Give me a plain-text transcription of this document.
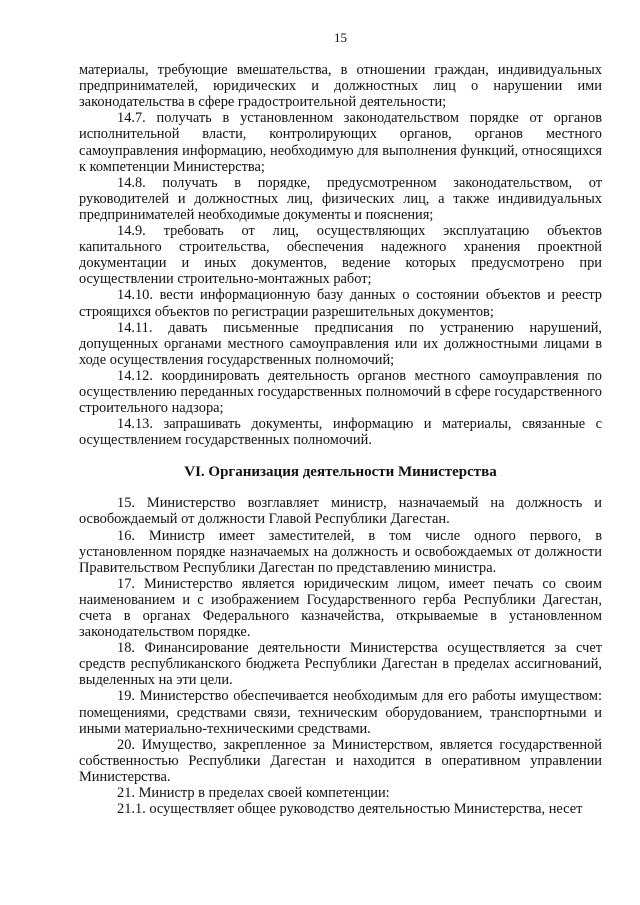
15

материалы, требующие вмешательства, в отношении граждан, индивидуальных предпринимателей, юридических и должностных лиц о нарушении ими законодательства в сфере градостроительной деятельности;

14.7. получать в установленном законодательством порядке от органов исполнительной власти, контролирующих органов, органов местного самоуправления информацию, необходимую для выполнения функций, относящихся к компетенции Министерства;

14.8. получать в порядке, предусмотренном законодательством, от руководителей и должностных лиц, физических лиц, а также индивидуальных предпринимателей необходимые документы и пояснения;

14.9. требовать от лиц, осуществляющих эксплуатацию объектов капитального строительства, обеспечения надежного хранения проектной документации и иных документов, ведение которых предусмотрено при осуществлении строительно-монтажных работ;

14.10. вести информационную базу данных о состоянии объектов и реестр строящихся объектов по регистрации разрешительных документов;

14.11. давать письменные предписания по устранению нарушений, допущенных органами местного самоуправления или их должностными лицами в ходе осуществления государственных полномочий;

14.12. координировать деятельность органов местного самоуправления по осуществлению переданных государственных полномочий в сфере государственного строительного надзора;

14.13. запрашивать документы, информацию и материалы, связанные с осуществлением государственных полномочий.

VI. Организация деятельности Министерства

15. Министерство возглавляет министр, назначаемый на должность и освобождаемый от должности Главой Республики Дагестан.

16. Министр имеет заместителей, в том числе одного первого, в установленном порядке назначаемых на должность и освобождаемых от должности Правительством Республики Дагестан по представлению министра.

17. Министерство является юридическим лицом, имеет печать со своим наименованием и с изображением Государственного герба Республики Дагестан, счета в органах Федерального казначейства, открываемые в установленном законодательством порядке.

18. Финансирование деятельности Министерства осуществляется за счет средств республиканского бюджета Республики Дагестан в пределах ассигнований, выделенных на эти цели.

19. Министерство обеспечивается необходимым для его работы имуществом: помещениями, средствами связи, техническим оборудованием, транспортными и иными материально-техническими средствами.

20. Имущество, закрепленное за Министерством, является государственной собственностью Республики Дагестан и находится в оперативном управлении Министерства.

21. Министр в пределах своей компетенции:

21.1. осуществляет общее руководство деятельностью Министерства, несет
